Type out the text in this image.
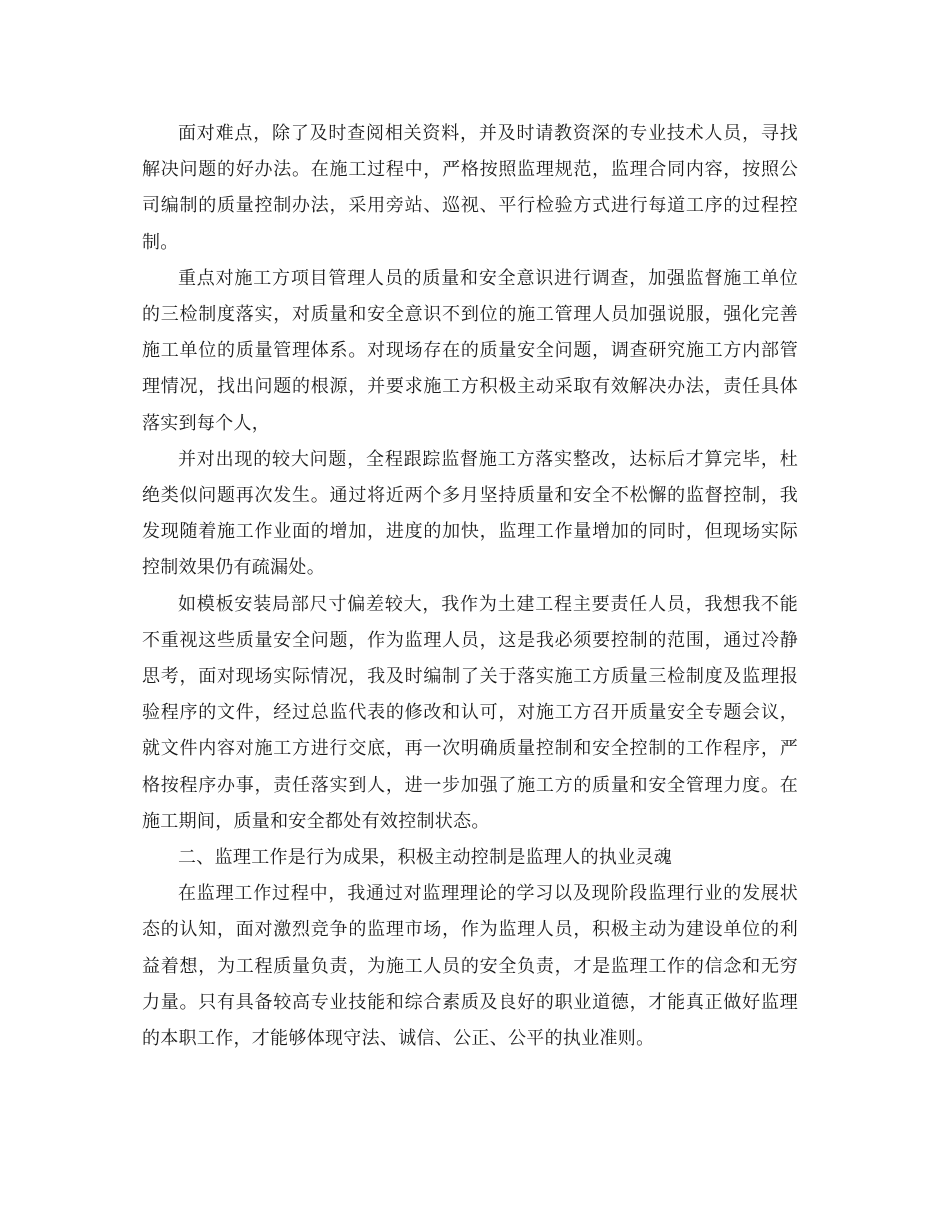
面对难点，除了及时查阅相关资料，并及时请教资深的专业技术人员，寻找解决问题的好办法。在施工过程中，严格按照监理规范，监理合同内容，按照公司编制的质量控制办法，采用旁站、巡视、平行检验方式进行每道工序的过程控制。

重点对施工方项目管理人员的质量和安全意识进行调查，加强监督施工单位的三检制度落实，对质量和安全意识不到位的施工管理人员加强说服，强化完善施工单位的质量管理体系。对现场存在的质量安全问题，调查研究施工方内部管理情况，找出问题的根源，并要求施工方积极主动采取有效解决办法，责任具体落实到每个人，

并对出现的较大问题，全程跟踪监督施工方落实整改，达标后才算完毕，杜绝类似问题再次发生。通过将近两个多月坚持质量和安全不松懈的监督控制，我发现随着施工作业面的增加，进度的加快，监理工作量增加的同时，但现场实际控制效果仍有疏漏处。

如模板安装局部尺寸偏差较大，我作为土建工程主要责任人员，我想我不能不重视这些质量安全问题，作为监理人员，这是我必须要控制的范围，通过冷静思考，面对现场实际情况，我及时编制了关于落实施工方质量三检制度及监理报验程序的文件，经过总监代表的修改和认可，对施工方召开质量安全专题会议，就文件内容对施工方进行交底，再一次明确质量控制和安全控制的工作程序，严格按程序办事，责任落实到人，进一步加强了施工方的质量和安全管理力度。在施工期间，质量和安全都处有效控制状态。

二、监理工作是行为成果，积极主动控制是监理人的执业灵魂

在监理工作过程中，我通过对监理理论的学习以及现阶段监理行业的发展状态的认知，面对激烈竞争的监理市场，作为监理人员，积极主动为建设单位的利益着想，为工程质量负责，为施工人员的安全负责，才是监理工作的信念和无穷力量。只有具备较高专业技能和综合素质及良好的职业道德，才能真正做好监理的本职工作，才能够体现守法、诚信、公正、公平的执业准则。
